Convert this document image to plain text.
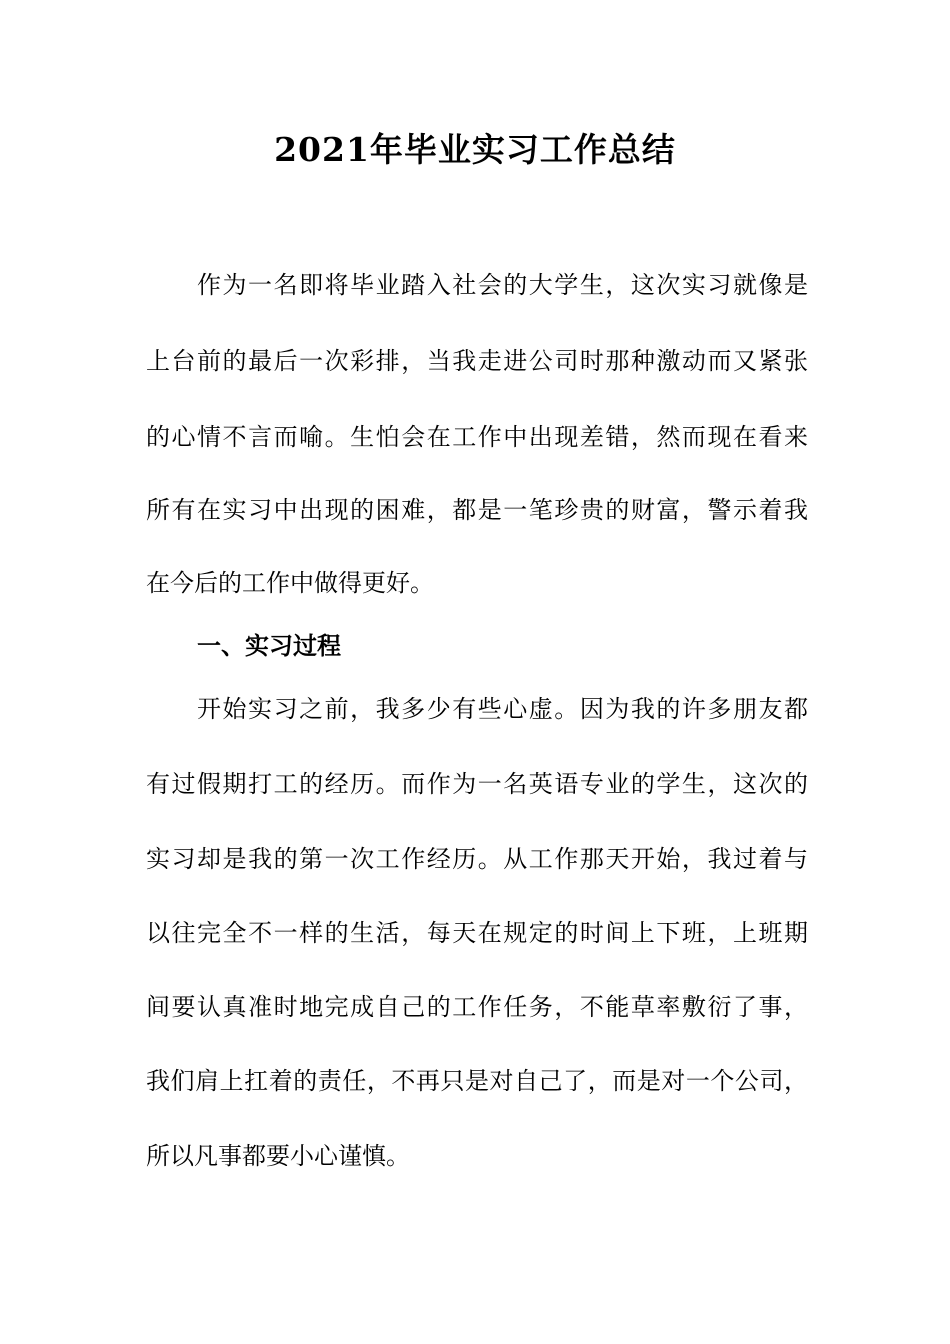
2021年毕业实习工作总结
作为一名即将毕业踏入社会的大学生，这次实习就像是
上台前的最后一次彩排，当我走进公司时那种激动而又紧张
的心情不言而喻。生怕会在工作中出现差错，然而现在看来
所有在实习中出现的困难，都是一笔珍贵的财富，警示着我
在今后的工作中做得更好。
一、实习过程
开始实习之前，我多少有些心虚。因为我的许多朋友都
有过假期打工的经历。而作为一名英语专业的学生，这次的
实习却是我的第一次工作经历。从工作那天开始，我过着与
以往完全不一样的生活，每天在规定的时间上下班，上班期
间要认真准时地完成自己的工作任务，不能草率敷衍了事，
我们肩上扛着的责任，不再只是对自己了，而是对一个公司，
所以凡事都要小心谨慎。
